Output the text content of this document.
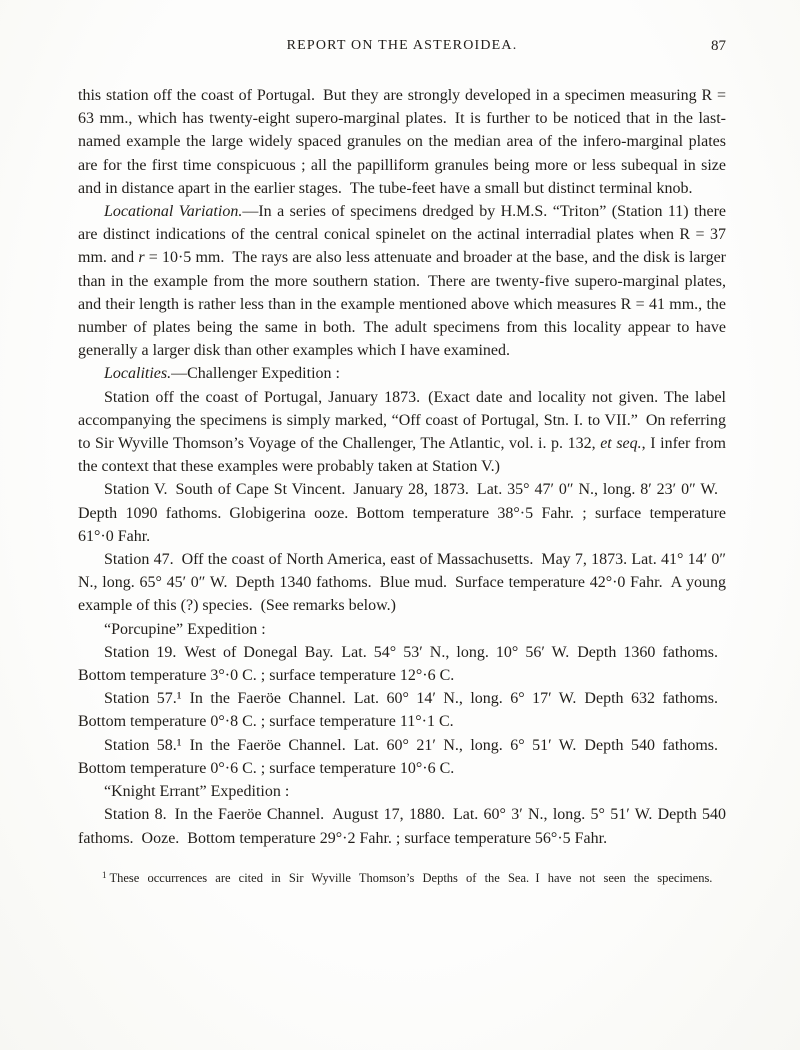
REPORT ON THE ASTEROIDEA.	87

this station off the coast of Portugal. But they are strongly developed in a specimen measuring R = 63 mm., which has twenty-eight supero-marginal plates. It is further to be noticed that in the last-named example the large widely spaced granules on the median area of the infero-marginal plates are for the first time conspicuous ; all the papilliform granules being more or less subequal in size and in distance apart in the earlier stages. The tube-feet have a small but distinct terminal knob.

Locational Variation.—In a series of specimens dredged by H.M.S. “Triton” (Station 11) there are distinct indications of the central conical spinelet on the actinal interradial plates when R = 37 mm. and r = 10·5 mm. The rays are also less attenuate and broader at the base, and the disk is larger than in the example from the more southern station. There are twenty-five supero-marginal plates, and their length is rather less than in the example mentioned above which measures R = 41 mm., the number of plates being the same in both. The adult specimens from this locality appear to have generally a larger disk than other examples which I have examined.

Localities.—Challenger Expedition :

Station off the coast of Portugal, January 1873. (Exact date and locality not given. The label accompanying the specimens is simply marked, “Off coast of Portugal, Stn. I. to VII.” On referring to Sir Wyville Thomson’s Voyage of the Challenger, The Atlantic, vol. i. p. 132, et seq., I infer from the context that these examples were probably taken at Station V.)

Station V. South of Cape St Vincent. January 28, 1873. Lat. 35° 47′ 0″ N., long. 8′ 23′ 0″ W. Depth 1090 fathoms. Globigerina ooze. Bottom temperature 38°·5 Fahr. ; surface temperature 61°·0 Fahr.

Station 47. Off the coast of North America, east of Massachusetts. May 7, 1873. Lat. 41° 14′ 0″ N., long. 65° 45′ 0″ W. Depth 1340 fathoms. Blue mud. Surface temperature 42°·0 Fahr. A young example of this (?) species. (See remarks below.)

“Porcupine” Expedition :

Station 19. West of Donegal Bay. Lat. 54° 53′ N., long. 10° 56′ W. Depth 1360 fathoms. Bottom temperature 3°·0 C. ; surface temperature 12°·6 C.

Station 57.¹ In the Faeröe Channel. Lat. 60° 14′ N., long. 6° 17′ W. Depth 632 fathoms. Bottom temperature 0°·8 C. ; surface temperature 11°·1 C.

Station 58.¹ In the Faeröe Channel. Lat. 60° 21′ N., long. 6° 51′ W. Depth 540 fathoms. Bottom temperature 0°·6 C. ; surface temperature 10°·6 C.

“Knight Errant” Expedition :

Station 8. In the Faeröe Channel. August 17, 1880. Lat. 60° 3′ N., long. 5° 51′ W. Depth 540 fathoms. Ooze. Bottom temperature 29°·2 Fahr. ; surface temperature 56°·5 Fahr.

$^1$ These occurrences are cited in Sir Wyville Thomson’s Depths of the Sea. I have not seen the specimens.
